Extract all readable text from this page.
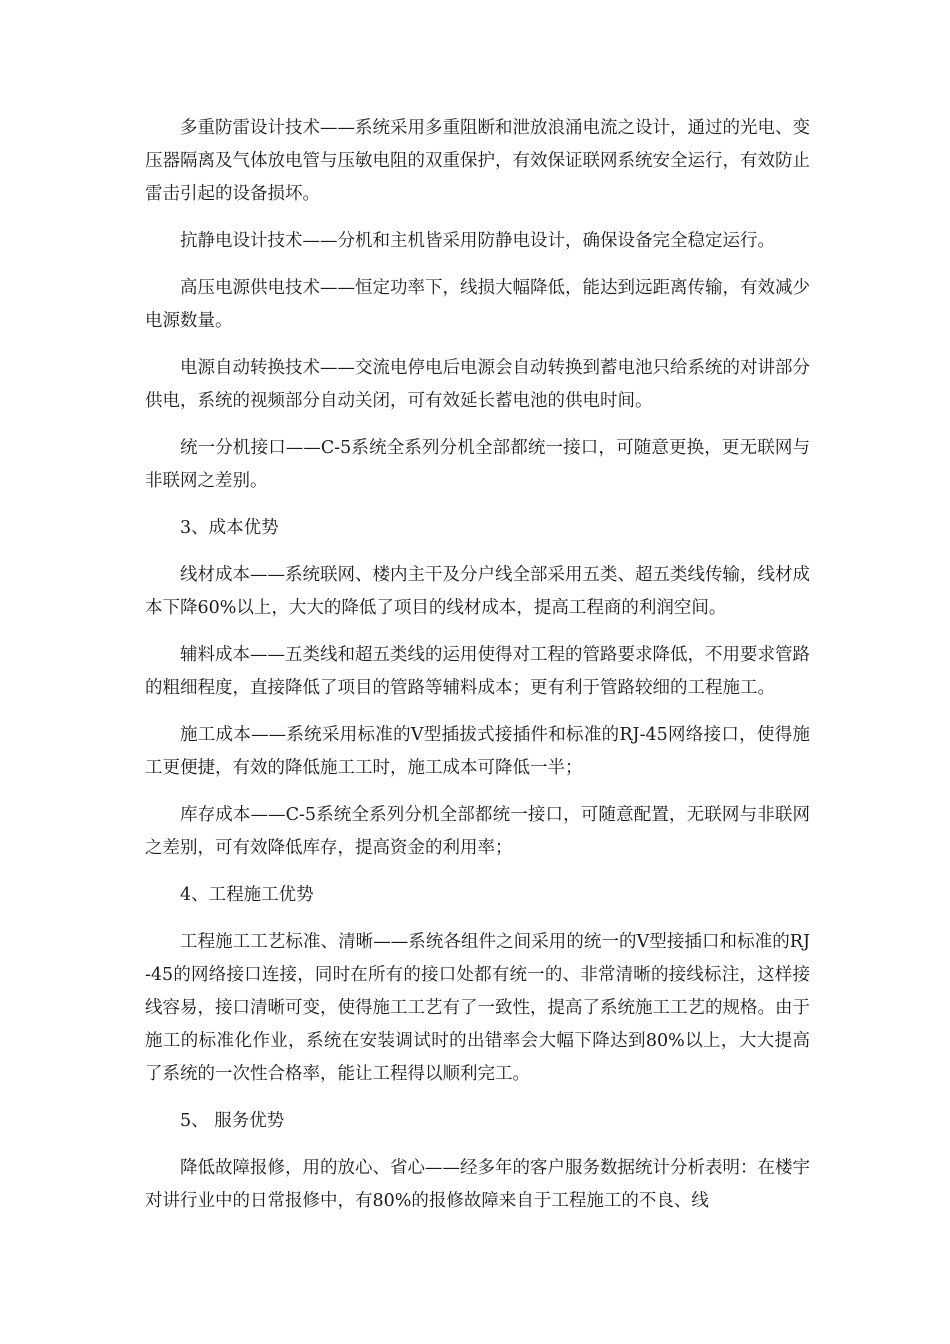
多重防雷设计技术——系统采用多重阻断和泄放浪涌电流之设计，通过的光电、变压器隔离及气体放电管与压敏电阻的双重保护，有效保证联网系统安全运行，有效防止雷击引起的设备损坏。

抗静电设计技术——分机和主机皆采用防静电设计，确保设备完全稳定运行。

高压电源供电技术——恒定功率下，线损大幅降低，能达到远距离传输，有效减少电源数量。

电源自动转换技术——交流电停电后电源会自动转换到蓄电池只给系统的对讲部分供电，系统的视频部分自动关闭，可有效延长蓄电池的供电时间。

统一分机接口——C-5系统全系列分机全部都统一接口，可随意更换，更无联网与非联网之差别。

3、成本优势

线材成本——系统联网、楼内主干及分户线全部采用五类、超五类线传输，线材成本下降60%以上，大大的降低了项目的线材成本，提高工程商的利润空间。

辅料成本——五类线和超五类线的运用使得对工程的管路要求降低，不用要求管路的粗细程度，直接降低了项目的管路等辅料成本；更有利于管路较细的工程施工。

施工成本——系统采用标准的V型插拔式接插件和标准的RJ-45网络接口，使得施工更便捷，有效的降低施工工时，施工成本可降低一半；

库存成本——C-5系统全系列分机全部都统一接口，可随意配置，无联网与非联网之差别，可有效降低库存，提高资金的利用率；

4、工程施工优势

工程施工工艺标准、清晰——系统各组件之间采用的统一的V型接插口和标准的RJ-45的网络接口连接，同时在所有的接口处都有统一的、非常清晰的接线标注，这样接线容易，接口清晰可变，使得施工工艺有了一致性，提高了系统施工工艺的规格。由于施工的标准化作业，系统在安装调试时的出错率会大幅下降达到80%以上，大大提高了系统的一次性合格率，能让工程得以顺利完工。

5、 服务优势

降低故障报修，用的放心、省心——经多年的客户服务数据统计分析表明：在楼宇对讲行业中的日常报修中，有80%的报修故障来自于工程施工的不良、线
